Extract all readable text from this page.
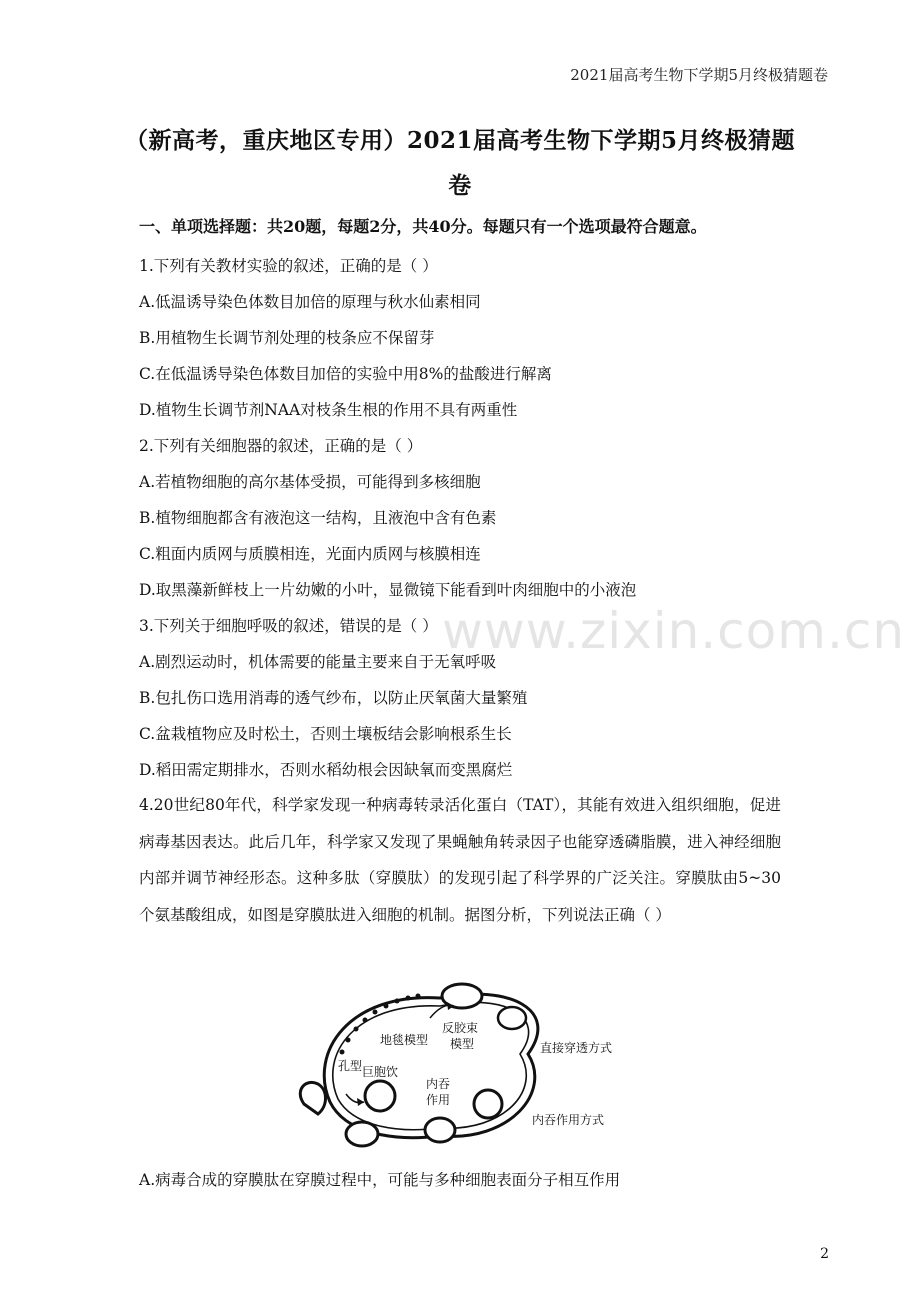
2021届高考生物下学期5月终极猜题卷
（新高考，重庆地区专用）2021届高考生物下学期5月终极猜题卷
一、单项选择题：共20题，每题2分，共40分。每题只有一个选项最符合题意。
1.下列有关教材实验的叙述，正确的是（ ）
A.低温诱导染色体数目加倍的原理与秋水仙素相同
B.用植物生长调节剂处理的枝条应不保留芽
C.在低温诱导染色体数目加倍的实验中用8%的盐酸进行解离
D.植物生长调节剂NAA对枝条生根的作用不具有两重性
2.下列有关细胞器的叙述，正确的是（ ）
A.若植物细胞的高尔基体受损，可能得到多核细胞
B.植物细胞都含有液泡这一结构，且液泡中含有色素
C.粗面内质网与质膜相连，光面内质网与核膜相连
D.取黑藻新鲜枝上一片幼嫩的小叶，显微镜下能看到叶肉细胞中的小液泡
3.下列关于细胞呼吸的叙述，错误的是（ ）
A.剧烈运动时，机体需要的能量主要来自于无氧呼吸
B.包扎伤口选用消毒的透气纱布，以防止厌氧菌大量繁殖
C.盆栽植物应及时松土，否则土壤板结会影响根系生长
D.稻田需定期排水，否则水稻幼根会因缺氧而变黑腐烂
4.20世纪80年代，科学家发现一种病毒转录活化蛋白（TAT），其能有效进入组织细胞，促进病毒基因表达。此后几年，科学家又发现了果蝇触角转录因子也能穿透磷脂膜，进入神经细胞内部并调节神经形态。这种多肽（穿膜肽）的发现引起了科学界的广泛关注。穿膜肽由5~30个氨基酸组成，如图是穿膜肽进入细胞的机制。据图分析，下列说法正确（ ）
地毯模型
反胶束
模型	直接穿透方式
孔型 巨胞饮
内吞
作用
内吞作用方式
A.病毒合成的穿膜肽在穿膜过程中，可能与多种细胞表面分子相互作用
www.zixin.com.cn
2
